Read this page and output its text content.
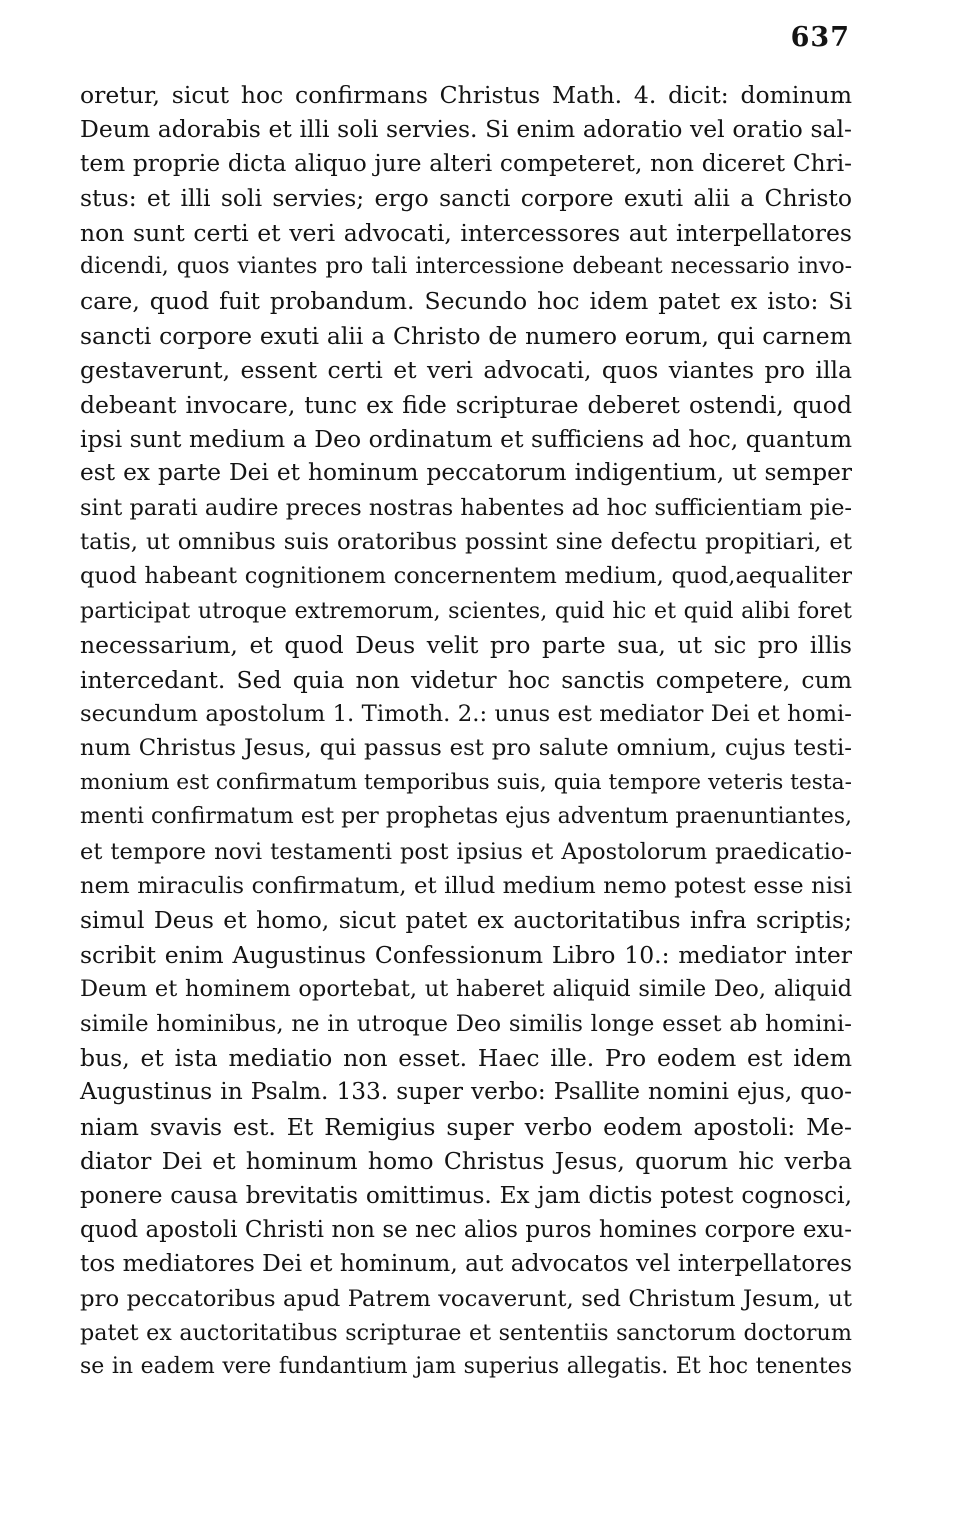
637
oretur, sicut hoc confirmans Christus Math. 4. dicit: dominum
Deum adorabis et illi soli servies. Si enim adoratio vel oratio sal-
tem proprie dicta aliquo jure alteri competeret, non diceret Chri-
stus: et illi soli servies; ergo sancti corpore exuti alii a Christo
non sunt certi et veri advocati, intercessores aut interpellatores
dicendi, quos viantes pro tali intercessione debeant necessario invo-
care, quod fuit probandum. Secundo hoc idem patet ex isto: Si
sancti corpore exuti alii a Christo de numero eorum, qui carnem
gestaverunt, essent certi et veri advocati, quos viantes pro illa
debeant invocare, tunc ex fide scripturae deberet ostendi, quod
ipsi sunt medium a Deo ordinatum et sufficiens ad hoc, quantum
est ex parte Dei et hominum peccatorum indigentium, ut semper
sint parati audire preces nostras habentes ad hoc sufficientiam pie-
tatis, ut omnibus suis oratoribus possint sine defectu propitiari, et
quod habeant cognitionem concernentem medium, quod,aequaliter
participat utroque extremorum, scientes, quid hic et quid alibi foret
necessarium, et quod Deus velit pro parte sua, ut sic pro illis
intercedant. Sed quia non videtur hoc sanctis competere, cum
secundum apostolum 1. Timoth. 2.: unus est mediator Dei et homi-
num Christus Jesus, qui passus est pro salute omnium, cujus testi-
monium est confirmatum temporibus suis, quia tempore veteris testa-
menti confirmatum est per prophetas ejus adventum praenuntiantes,
et tempore novi testamenti post ipsius et Apostolorum praedicatio-
nem miraculis confirmatum, et illud medium nemo potest esse nisi
simul Deus et homo, sicut patet ex auctoritatibus infra scriptis;
scribit enim Augustinus Confessionum Libro 10.: mediator inter
Deum et hominem oportebat, ut haberet aliquid simile Deo, aliquid
simile hominibus, ne in utroque Deo similis longe esset ab homini-
bus, et ista mediatio non esset. Haec ille. Pro eodem est idem
Augustinus in Psalm. 133. super verbo: Psallite nomini ejus, quo-
niam svavis est. Et Remigius super verbo eodem apostoli: Me-
diator Dei et hominum homo Christus Jesus, quorum hic verba
ponere causa brevitatis omittimus. Ex jam dictis potest cognosci,
quod apostoli Christi non se nec alios puros homines corpore exu-
tos mediatores Dei et hominum, aut advocatos vel interpellatores
pro peccatoribus apud Patrem vocaverunt, sed Christum Jesum, ut
patet ex auctoritatibus scripturae et sententiis sanctorum doctorum
se in eadem vere fundantium jam superius allegatis. Et hoc tenentes
